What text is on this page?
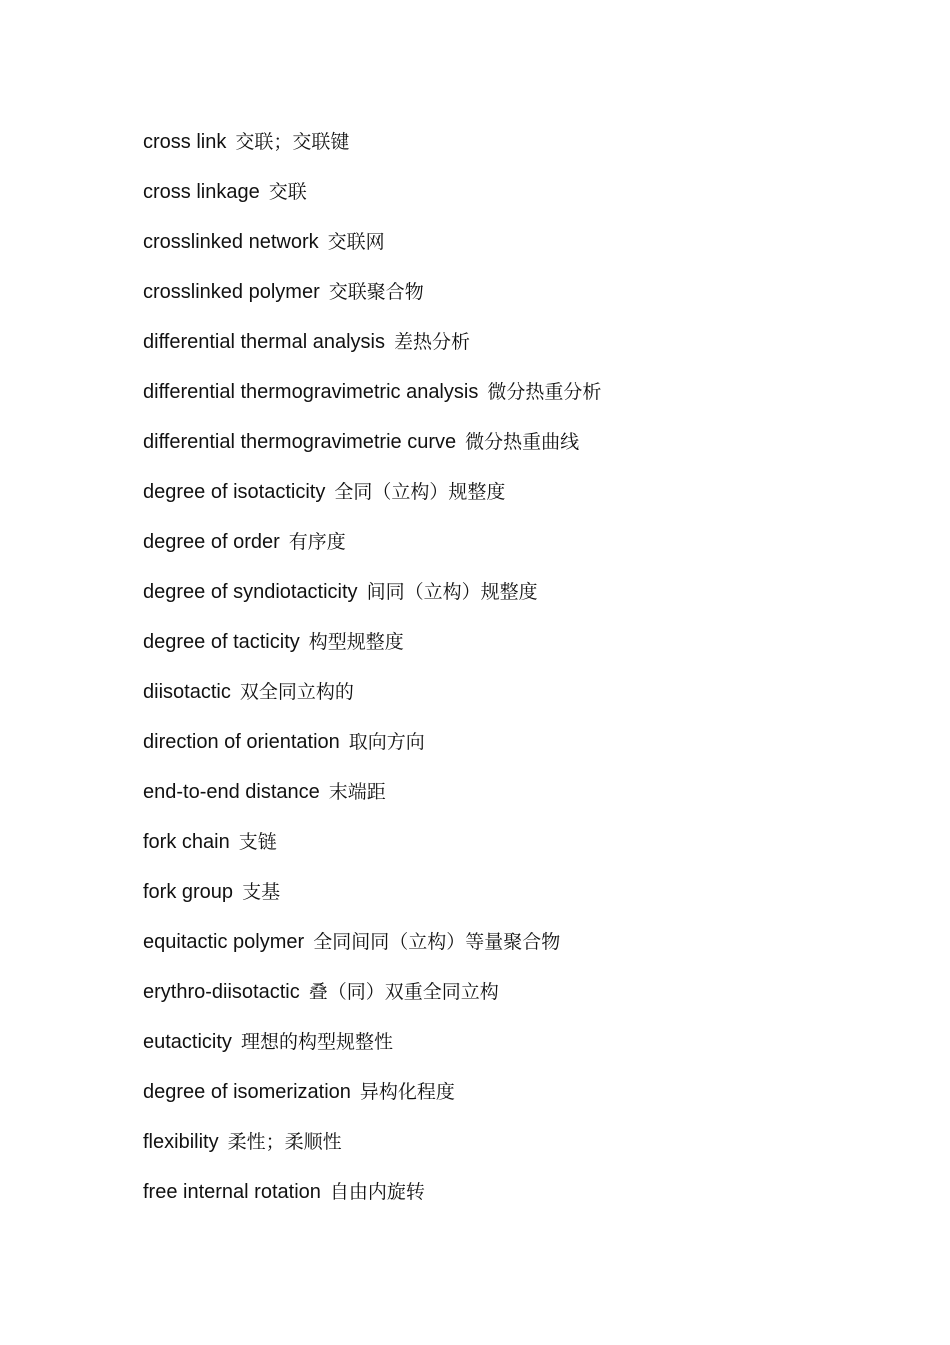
cross link 交联；交联键
cross linkage 交联
crosslinked network 交联网
crosslinked polymer 交联聚合物
differential thermal analysis 差热分析
differential thermogravimetric analysis 微分热重分析
differential thermogravimetrie curve 微分热重曲线
degree of isotacticity 全同（立构）规整度
degree of order 有序度
degree of syndiotacticity 间同（立构）规整度
degree of tacticity 构型规整度
diisotactic 双全同立构的
direction of orientation 取向方向
end-to-end distance 末端距
fork chain 支链
fork group 支基
equitactic polymer 全同间同（立构）等量聚合物
erythro-diisotactic 叠（同）双重全同立构
eutacticity 理想的构型规整性
degree of isomerization 异构化程度
flexibility 柔性；柔顺性
free internal rotation 自由内旋转
